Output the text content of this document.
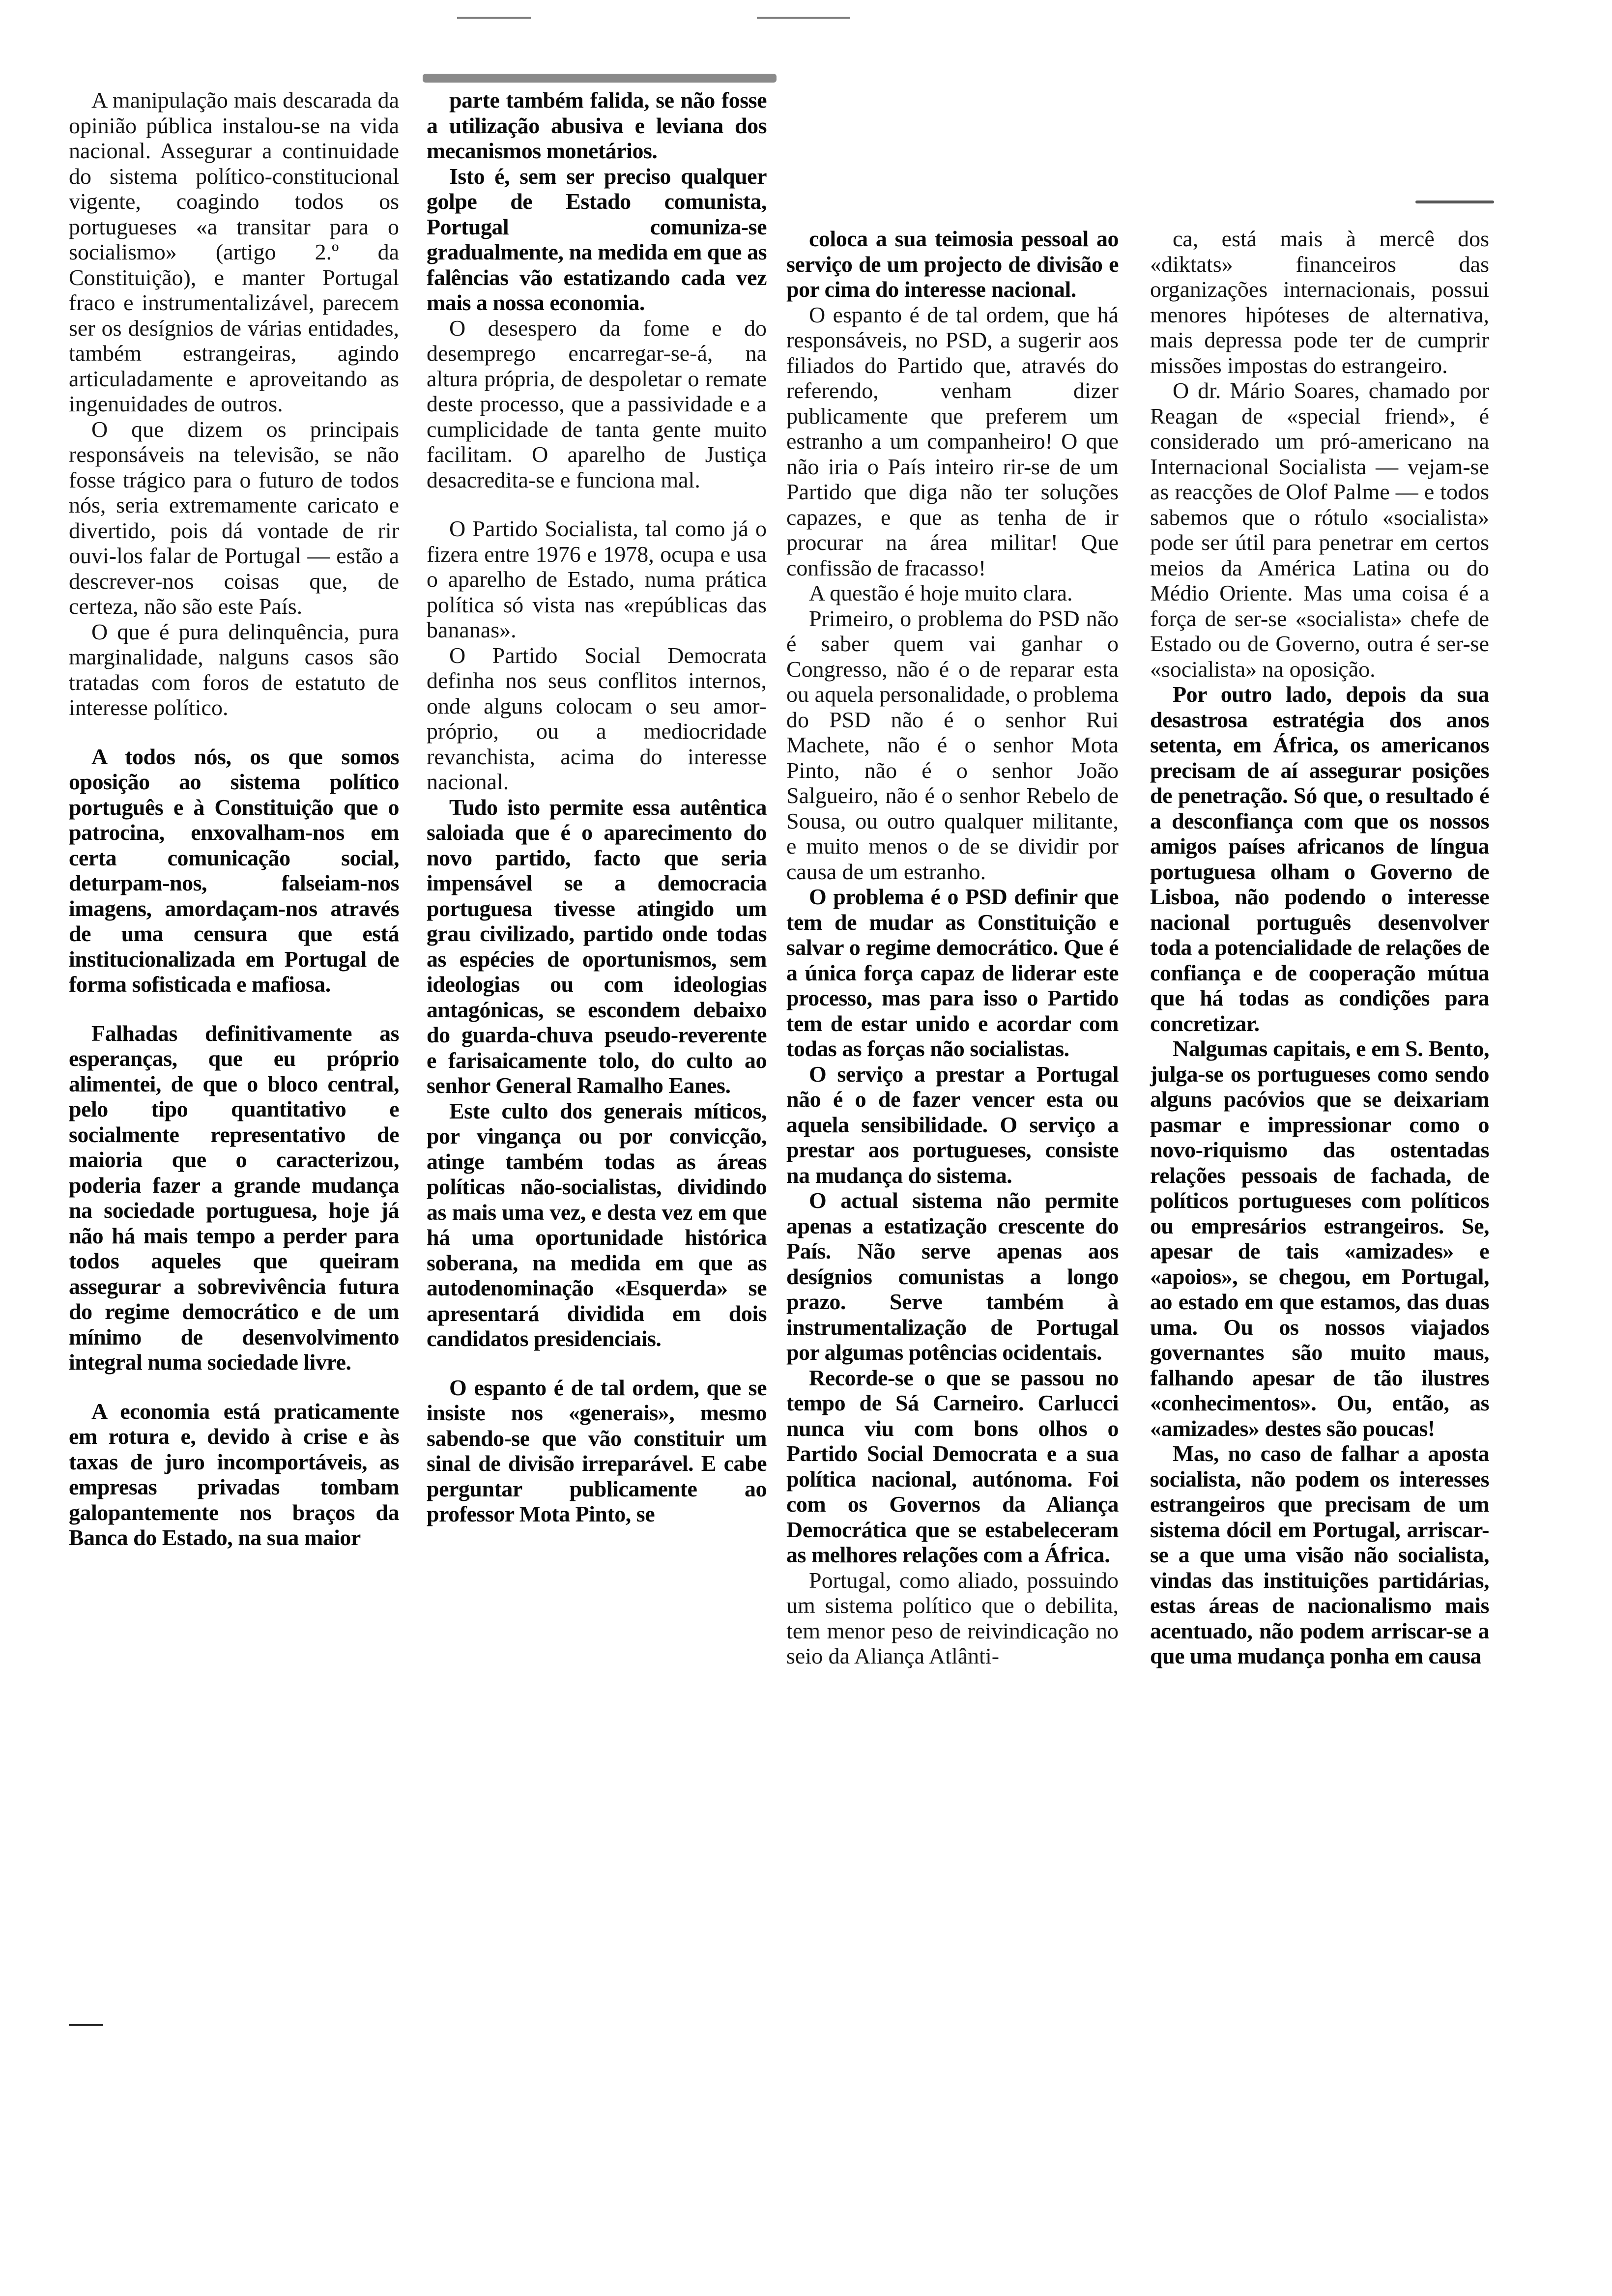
A manipulação mais descarada da opinião pública instalou-se na vida nacional. Assegurar a continuidade do sistema político-constitucional vigente, coagindo todos os portugueses «a transitar para o socialismo» (artigo 2.º da Constituição), e manter Portugal fraco e instrumentalizável, parecem ser os desígnios de várias entidades, também estrangeiras, agindo articuladamente e aproveitando as ingenuidades de outros.

O que dizem os principais responsáveis na televisão, se não fosse trágico para o futuro de todos nós, seria extremamente caricato e divertido, pois dá vontade de rir ouvi-los falar de Portugal — estão a descrever-nos coisas que, de certeza, não são este País.

O que é pura delinquência, pura marginalidade, nalguns casos são tratadas com foros de estatuto de interesse político.

A todos nós, os que somos oposição ao sistema político português e à Constituição que o patrocina, enxovalham-nos em certa comunicação social, deturpam-nos, falseiam-nos imagens, amordaçam-nos através de uma censura que está institucionalizada em Portugal de forma sofisticada e mafiosa.

Falhadas definitivamente as esperanças, que eu próprio alimentei, de que o bloco central, pelo tipo quantitativo e socialmente representativo de maioria que o caracterizou, poderia fazer a grande mudança na sociedade portuguesa, hoje já não há mais tempo a perder para todos aqueles que queiram assegurar a sobrevivência futura do regime democrático e de um mínimo de desenvolvimento integral numa sociedade livre.

A economia está praticamente em rotura e, devido à crise e às taxas de juro incomportáveis, as empresas privadas tombam galopantemente nos braços da Banca do Estado, na sua maior

parte também falida, se não fosse a utilização abusiva e leviana dos mecanismos monetários.

Isto é, sem ser preciso qualquer golpe de Estado comunista, Portugal comuniza-se gradualmente, na medida em que as falências vão estatizando cada vez mais a nossa economia.

O desespero da fome e do desemprego encarregar-se-á, na altura própria, de despoletar o remate deste processo, que a passividade e a cumplicidade de tanta gente muito facilitam. O aparelho de Justiça desacredita-se e funciona mal.

O Partido Socialista, tal como já o fizera entre 1976 e 1978, ocupa e usa o aparelho de Estado, numa prática política só vista nas «repúblicas das bananas».

O Partido Social Democrata definha nos seus conflitos internos, onde alguns colocam o seu amor-próprio, ou a mediocridade revanchista, acima do interesse nacional.

Tudo isto permite essa autêntica saloiada que é o aparecimento do novo partido, facto que seria impensável se a democracia portuguesa tivesse atingido um grau civilizado, partido onde todas as espécies de oportunismos, sem ideologias ou com ideologias antagónicas, se escondem debaixo do guarda-chuva pseudo-reverente e farisaicamente tolo, do culto ao senhor General Ramalho Eanes.

Este culto dos generais míticos, por vingança ou por convicção, atinge também todas as áreas políticas não-socialistas, dividindo as mais uma vez, e desta vez em que há uma oportunidade histórica soberana, na medida em que as autodenominação «Esquerda» se apresentará dividida em dois candidatos presidenciais.

O espanto é de tal ordem, que se insiste nos «generais», mesmo sabendo-se que vão constituir um sinal de divisão irreparável. E cabe perguntar publicamente ao professor Mota Pinto, se

coloca a sua teimosia pessoal ao serviço de um projecto de divisão e por cima do interesse nacional.

O espanto é de tal ordem, que há responsáveis, no PSD, a sugerir aos filiados do Partido que, através do referendo, venham dizer publicamente que preferem um estranho a um companheiro! O que não iria o País inteiro rir-se de um Partido que diga não ter soluções capazes, e que as tenha de ir procurar na área militar! Que confissão de fracasso!

A questão é hoje muito clara.

Primeiro, o problema do PSD não é saber quem vai ganhar o Congresso, não é o de reparar esta ou aquela personalidade, o problema do PSD não é o senhor Rui Machete, não é o senhor Mota Pinto, não é o senhor João Salgueiro, não é o senhor Rebelo de Sousa, ou outro qualquer militante, e muito menos o de se dividir por causa de um estranho.

O problema é o PSD definir que tem de mudar as Constituição e salvar o regime democrático. Que é a única força capaz de liderar este processo, mas para isso o Partido tem de estar unido e acordar com todas as forças não socialistas.

O serviço a prestar a Portugal não é o de fazer vencer esta ou aquela sensibilidade. O serviço a prestar aos portugueses, consiste na mudança do sistema.

O actual sistema não permite apenas a estatização crescente do País. Não serve apenas aos desígnios comunistas a longo prazo. Serve também à instrumentalização de Portugal por algumas potências ocidentais.

Recorde-se o que se passou no tempo de Sá Carneiro. Carlucci nunca viu com bons olhos o Partido Social Democrata e a sua política nacional, autónoma. Foi com os Governos da Aliança Democrática que se estabeleceram as melhores relações com a África.

Portugal, como aliado, possuindo um sistema político que o debilita, tem menor peso de reivindicação no seio da Aliança Atlânti-

ca, está mais à mercê dos «diktats» financeiros das organizações internacionais, possui menores hipóteses de alternativa, mais depressa pode ter de cumprir missões impostas do estrangeiro.

O dr. Mário Soares, chamado por Reagan de «special friend», é considerado um pró-americano na Internacional Socialista — vejam-se as reacções de Olof Palme — e todos sabemos que o rótulo «socialista» pode ser útil para penetrar em certos meios da América Latina ou do Médio Oriente. Mas uma coisa é a força de ser-se «socialista» chefe de Estado ou de Governo, outra é ser-se «socialista» na oposição.

Por outro lado, depois da sua desastrosa estratégia dos anos setenta, em África, os americanos precisam de aí assegurar posições de penetração. Só que, o resultado é a desconfiança com que os nossos amigos países africanos de língua portuguesa olham o Governo de Lisboa, não podendo o interesse nacional português desenvolver toda a potencialidade de relações de confiança e de cooperação mútua que há todas as condições para concretizar.

Nalgumas capitais, e em S. Bento, julga-se os portugueses como sendo alguns pacóvios que se deixariam pasmar e impressionar como o novo-riquismo das ostentadas relações pessoais de fachada, de políticos portugueses com políticos ou empresários estrangeiros. Se, apesar de tais «amizades» e «apoios», se chegou, em Portugal, ao estado em que estamos, das duas uma. Ou os nossos viajados governantes são muito maus, falhando apesar de tão ilustres «conhecimentos». Ou, então, as «amizades» destes são poucas!

Mas, no caso de falhar a aposta socialista, não podem os interesses estrangeiros que precisam de um sistema dócil em Portugal, arriscar-se a que uma visão não socialista, vindas das instituições partidárias, estas áreas de nacionalismo mais acentuado, não podem arriscar-se a que uma mudança ponha em causa
